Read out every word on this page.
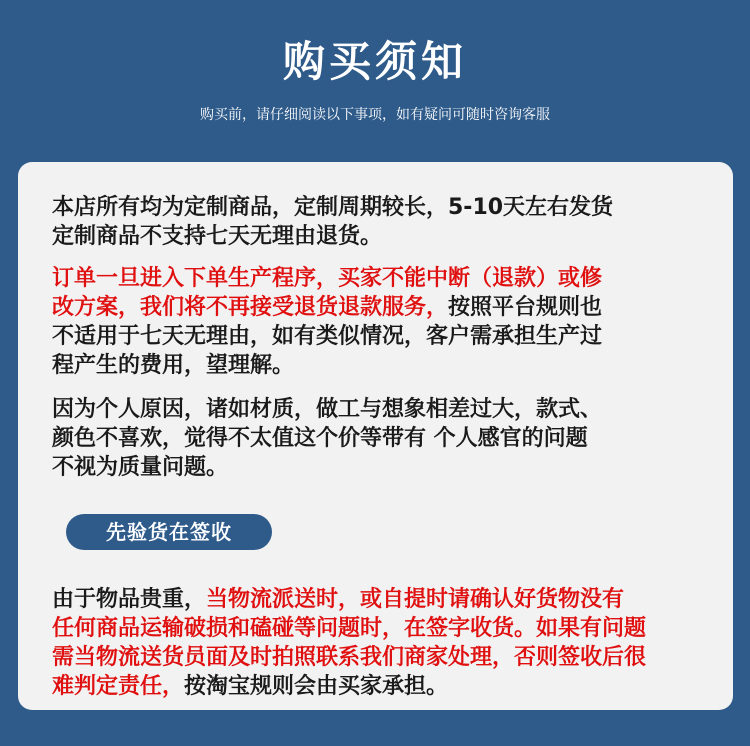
购买须知
购买前，请仔细阅读以下事项，如有疑问可随时咨询客服
本店所有均为定制商品，定制周期较长，5-10天左右发货
定制商品不支持七天无理由退货。
订单一旦进入下单生产程序，买家不能中断（退款）或修
改方案，我们将不再接受退货退款服务，按照平台规则也
不适用于七天无理由，如有类似情况，客户需承担生产过
程产生的费用，望理解。
因为个人原因，诸如材质，做工与想象相差过大，款式、
颜色不喜欢，觉得不太值这个价等带有 个人感官的问题
不视为质量问题。
先验货在签收
由于物品贵重，当物流派送时，或自提时请确认好货物没有
任何商品运输破损和磕碰等问题时，在签字收货。如果有问题
需当物流送货员面及时拍照联系我们商家处理，否则签收后很
难判定责任，按淘宝规则会由买家承担。
